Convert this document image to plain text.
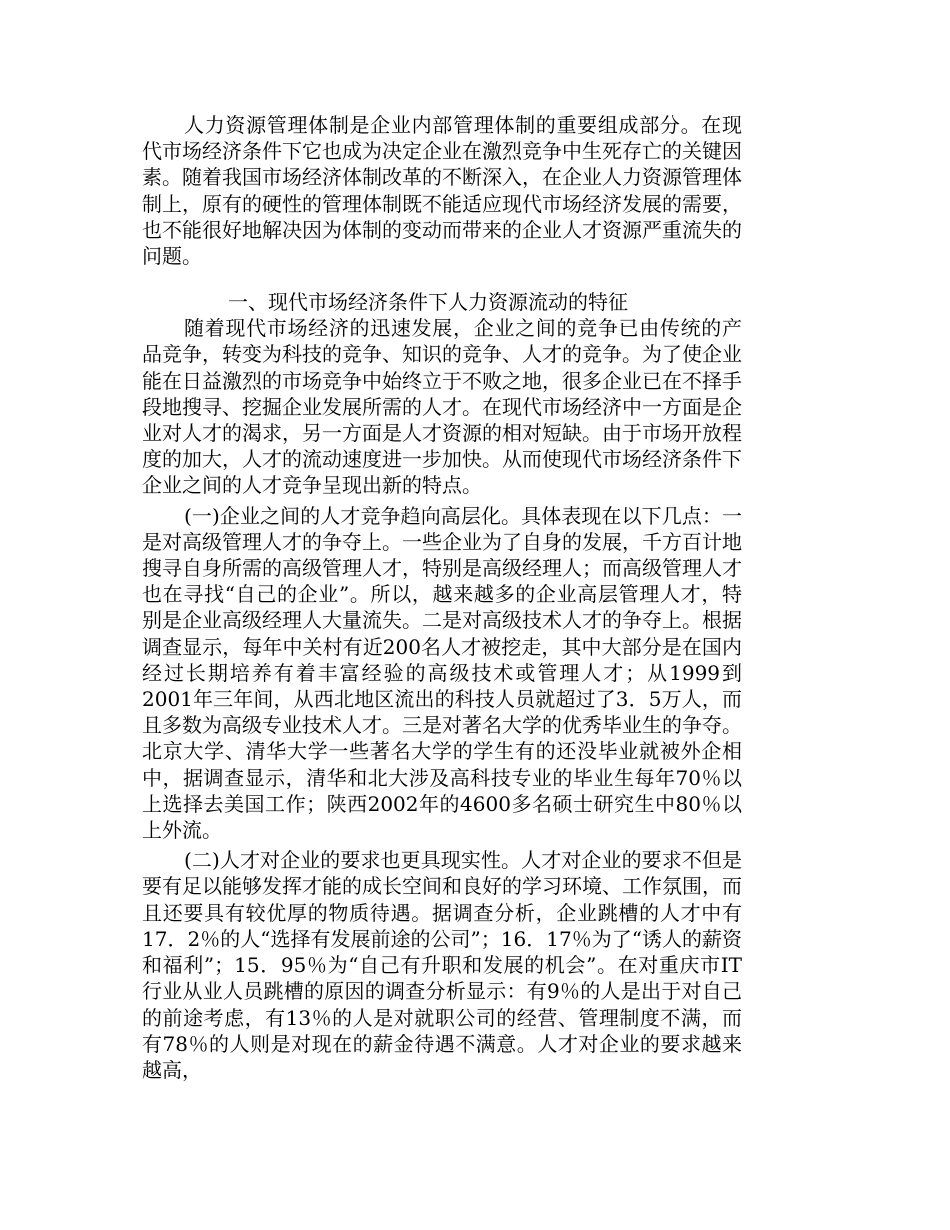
人力资源管理体制是企业内部管理体制的重要组成部分。在现代市场经济条件下它也成为决定企业在激烈竞争中生死存亡的关键因素。随着我国市场经济体制改革的不断深入，在企业人力资源管理体制上，原有的硬性的管理体制既不能适应现代市场经济发展的需要，也不能很好地解决因为体制的变动而带来的企业人才资源严重流失的问题。

一、现代市场经济条件下人力资源流动的特征

随着现代市场经济的迅速发展，企业之间的竞争已由传统的产品竞争，转变为科技的竞争、知识的竞争、人才的竞争。为了使企业能在日益激烈的市场竞争中始终立于不败之地，很多企业已在不择手段地搜寻、挖掘企业发展所需的人才。在现代市场经济中一方面是企业对人才的渴求，另一方面是人才资源的相对短缺。由于市场开放程度的加大，人才的流动速度进一步加快。从而使现代市场经济条件下企业之间的人才竞争呈现出新的特点。

(一)企业之间的人才竞争趋向高层化。具体表现在以下几点：一是对高级管理人才的争夺上。一些企业为了自身的发展，千方百计地搜寻自身所需的高级管理人才，特别是高级经理人；而高级管理人才也在寻找“自己的企业”。所以，越来越多的企业高层管理人才，特别是企业高级经理人大量流失。二是对高级技术人才的争夺上。根据调查显示，每年中关村有近200名人才被挖走，其中大部分是在国内经过长期培养有着丰富经验的高级技术或管理人才；从1999到2001年三年间，从西北地区流出的科技人员就超过了3．5万人，而且多数为高级专业技术人才。三是对著名大学的优秀毕业生的争夺。北京大学、清华大学一些著名大学的学生有的还没毕业就被外企相中，据调查显示，清华和北大涉及高科技专业的毕业生每年70％以上选择去美国工作；陕西2002年的4600多名硕士研究生中80％以上外流。

(二)人才对企业的要求也更具现实性。人才对企业的要求不但是要有足以能够发挥才能的成长空间和良好的学习环境、工作氛围，而且还要具有较优厚的物质待遇。据调查分析，企业跳槽的人才中有17．2％的人“选择有发展前途的公司”；16．17％为了“诱人的薪资和福利”；15．95％为“自己有升职和发展的机会”。在对重庆市IT行业从业人员跳槽的原因的调查分析显示：有9％的人是出于对自己的前途考虑，有13％的人是对就职公司的经营、管理制度不满，而有78％的人则是对现在的薪金待遇不满意。人才对企业的要求越来越高，
